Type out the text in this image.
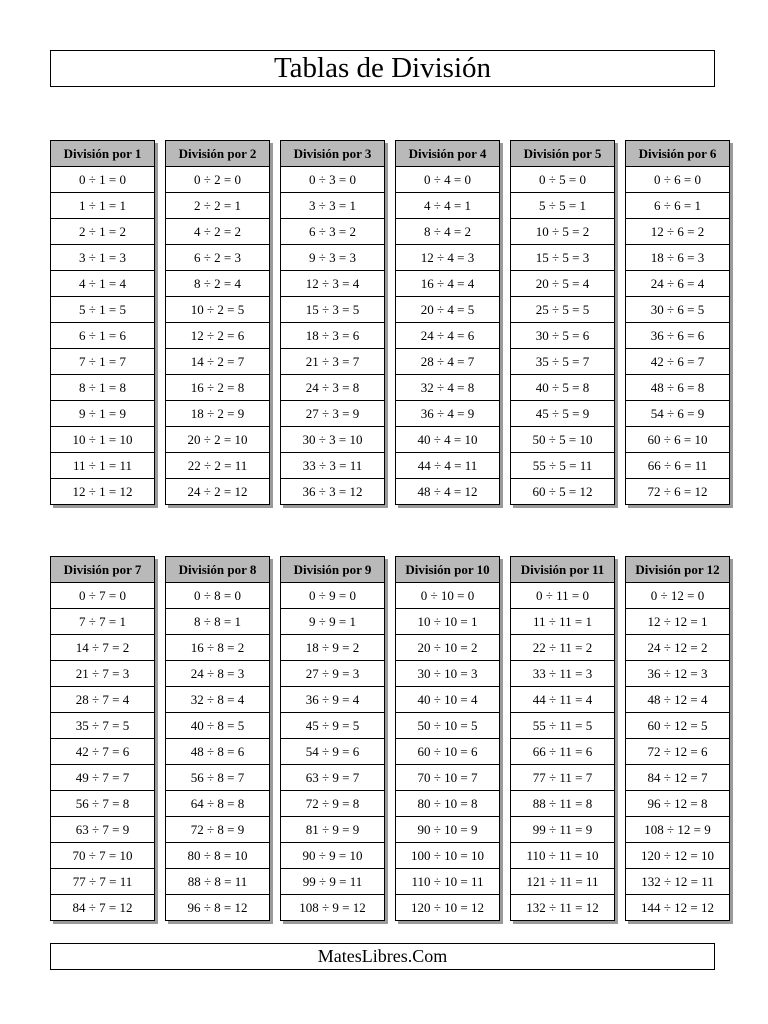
Tablas de División
División por 1
0 ÷ 1 = 0
1 ÷ 1 = 1
2 ÷ 1 = 2
3 ÷ 1 = 3
4 ÷ 1 = 4
5 ÷ 1 = 5
6 ÷ 1 = 6
7 ÷ 1 = 7
8 ÷ 1 = 8
9 ÷ 1 = 9
10 ÷ 1 = 10
11 ÷ 1 = 11
12 ÷ 1 = 12
División por 2
0 ÷ 2 = 0
2 ÷ 2 = 1
4 ÷ 2 = 2
6 ÷ 2 = 3
8 ÷ 2 = 4
10 ÷ 2 = 5
12 ÷ 2 = 6
14 ÷ 2 = 7
16 ÷ 2 = 8
18 ÷ 2 = 9
20 ÷ 2 = 10
22 ÷ 2 = 11
24 ÷ 2 = 12
División por 3
0 ÷ 3 = 0
3 ÷ 3 = 1
6 ÷ 3 = 2
9 ÷ 3 = 3
12 ÷ 3 = 4
15 ÷ 3 = 5
18 ÷ 3 = 6
21 ÷ 3 = 7
24 ÷ 3 = 8
27 ÷ 3 = 9
30 ÷ 3 = 10
33 ÷ 3 = 11
36 ÷ 3 = 12
División por 4
0 ÷ 4 = 0
4 ÷ 4 = 1
8 ÷ 4 = 2
12 ÷ 4 = 3
16 ÷ 4 = 4
20 ÷ 4 = 5
24 ÷ 4 = 6
28 ÷ 4 = 7
32 ÷ 4 = 8
36 ÷ 4 = 9
40 ÷ 4 = 10
44 ÷ 4 = 11
48 ÷ 4 = 12
División por 5
0 ÷ 5 = 0
5 ÷ 5 = 1
10 ÷ 5 = 2
15 ÷ 5 = 3
20 ÷ 5 = 4
25 ÷ 5 = 5
30 ÷ 5 = 6
35 ÷ 5 = 7
40 ÷ 5 = 8
45 ÷ 5 = 9
50 ÷ 5 = 10
55 ÷ 5 = 11
60 ÷ 5 = 12
División por 6
0 ÷ 6 = 0
6 ÷ 6 = 1
12 ÷ 6 = 2
18 ÷ 6 = 3
24 ÷ 6 = 4
30 ÷ 6 = 5
36 ÷ 6 = 6
42 ÷ 6 = 7
48 ÷ 6 = 8
54 ÷ 6 = 9
60 ÷ 6 = 10
66 ÷ 6 = 11
72 ÷ 6 = 12
División por 7
0 ÷ 7 = 0
7 ÷ 7 = 1
14 ÷ 7 = 2
21 ÷ 7 = 3
28 ÷ 7 = 4
35 ÷ 7 = 5
42 ÷ 7 = 6
49 ÷ 7 = 7
56 ÷ 7 = 8
63 ÷ 7 = 9
70 ÷ 7 = 10
77 ÷ 7 = 11
84 ÷ 7 = 12
División por 8
0 ÷ 8 = 0
8 ÷ 8 = 1
16 ÷ 8 = 2
24 ÷ 8 = 3
32 ÷ 8 = 4
40 ÷ 8 = 5
48 ÷ 8 = 6
56 ÷ 8 = 7
64 ÷ 8 = 8
72 ÷ 8 = 9
80 ÷ 8 = 10
88 ÷ 8 = 11
96 ÷ 8 = 12
División por 9
0 ÷ 9 = 0
9 ÷ 9 = 1
18 ÷ 9 = 2
27 ÷ 9 = 3
36 ÷ 9 = 4
45 ÷ 9 = 5
54 ÷ 9 = 6
63 ÷ 9 = 7
72 ÷ 9 = 8
81 ÷ 9 = 9
90 ÷ 9 = 10
99 ÷ 9 = 11
108 ÷ 9 = 12
División por 10
0 ÷ 10 = 0
10 ÷ 10 = 1
20 ÷ 10 = 2
30 ÷ 10 = 3
40 ÷ 10 = 4
50 ÷ 10 = 5
60 ÷ 10 = 6
70 ÷ 10 = 7
80 ÷ 10 = 8
90 ÷ 10 = 9
100 ÷ 10 = 10
110 ÷ 10 = 11
120 ÷ 10 = 12
División por 11
0 ÷ 11 = 0
11 ÷ 11 = 1
22 ÷ 11 = 2
33 ÷ 11 = 3
44 ÷ 11 = 4
55 ÷ 11 = 5
66 ÷ 11 = 6
77 ÷ 11 = 7
88 ÷ 11 = 8
99 ÷ 11 = 9
110 ÷ 11 = 10
121 ÷ 11 = 11
132 ÷ 11 = 12
División por 12
0 ÷ 12 = 0
12 ÷ 12 = 1
24 ÷ 12 = 2
36 ÷ 12 = 3
48 ÷ 12 = 4
60 ÷ 12 = 5
72 ÷ 12 = 6
84 ÷ 12 = 7
96 ÷ 12 = 8
108 ÷ 12 = 9
120 ÷ 12 = 10
132 ÷ 12 = 11
144 ÷ 12 = 12
MatesLibres.Com
